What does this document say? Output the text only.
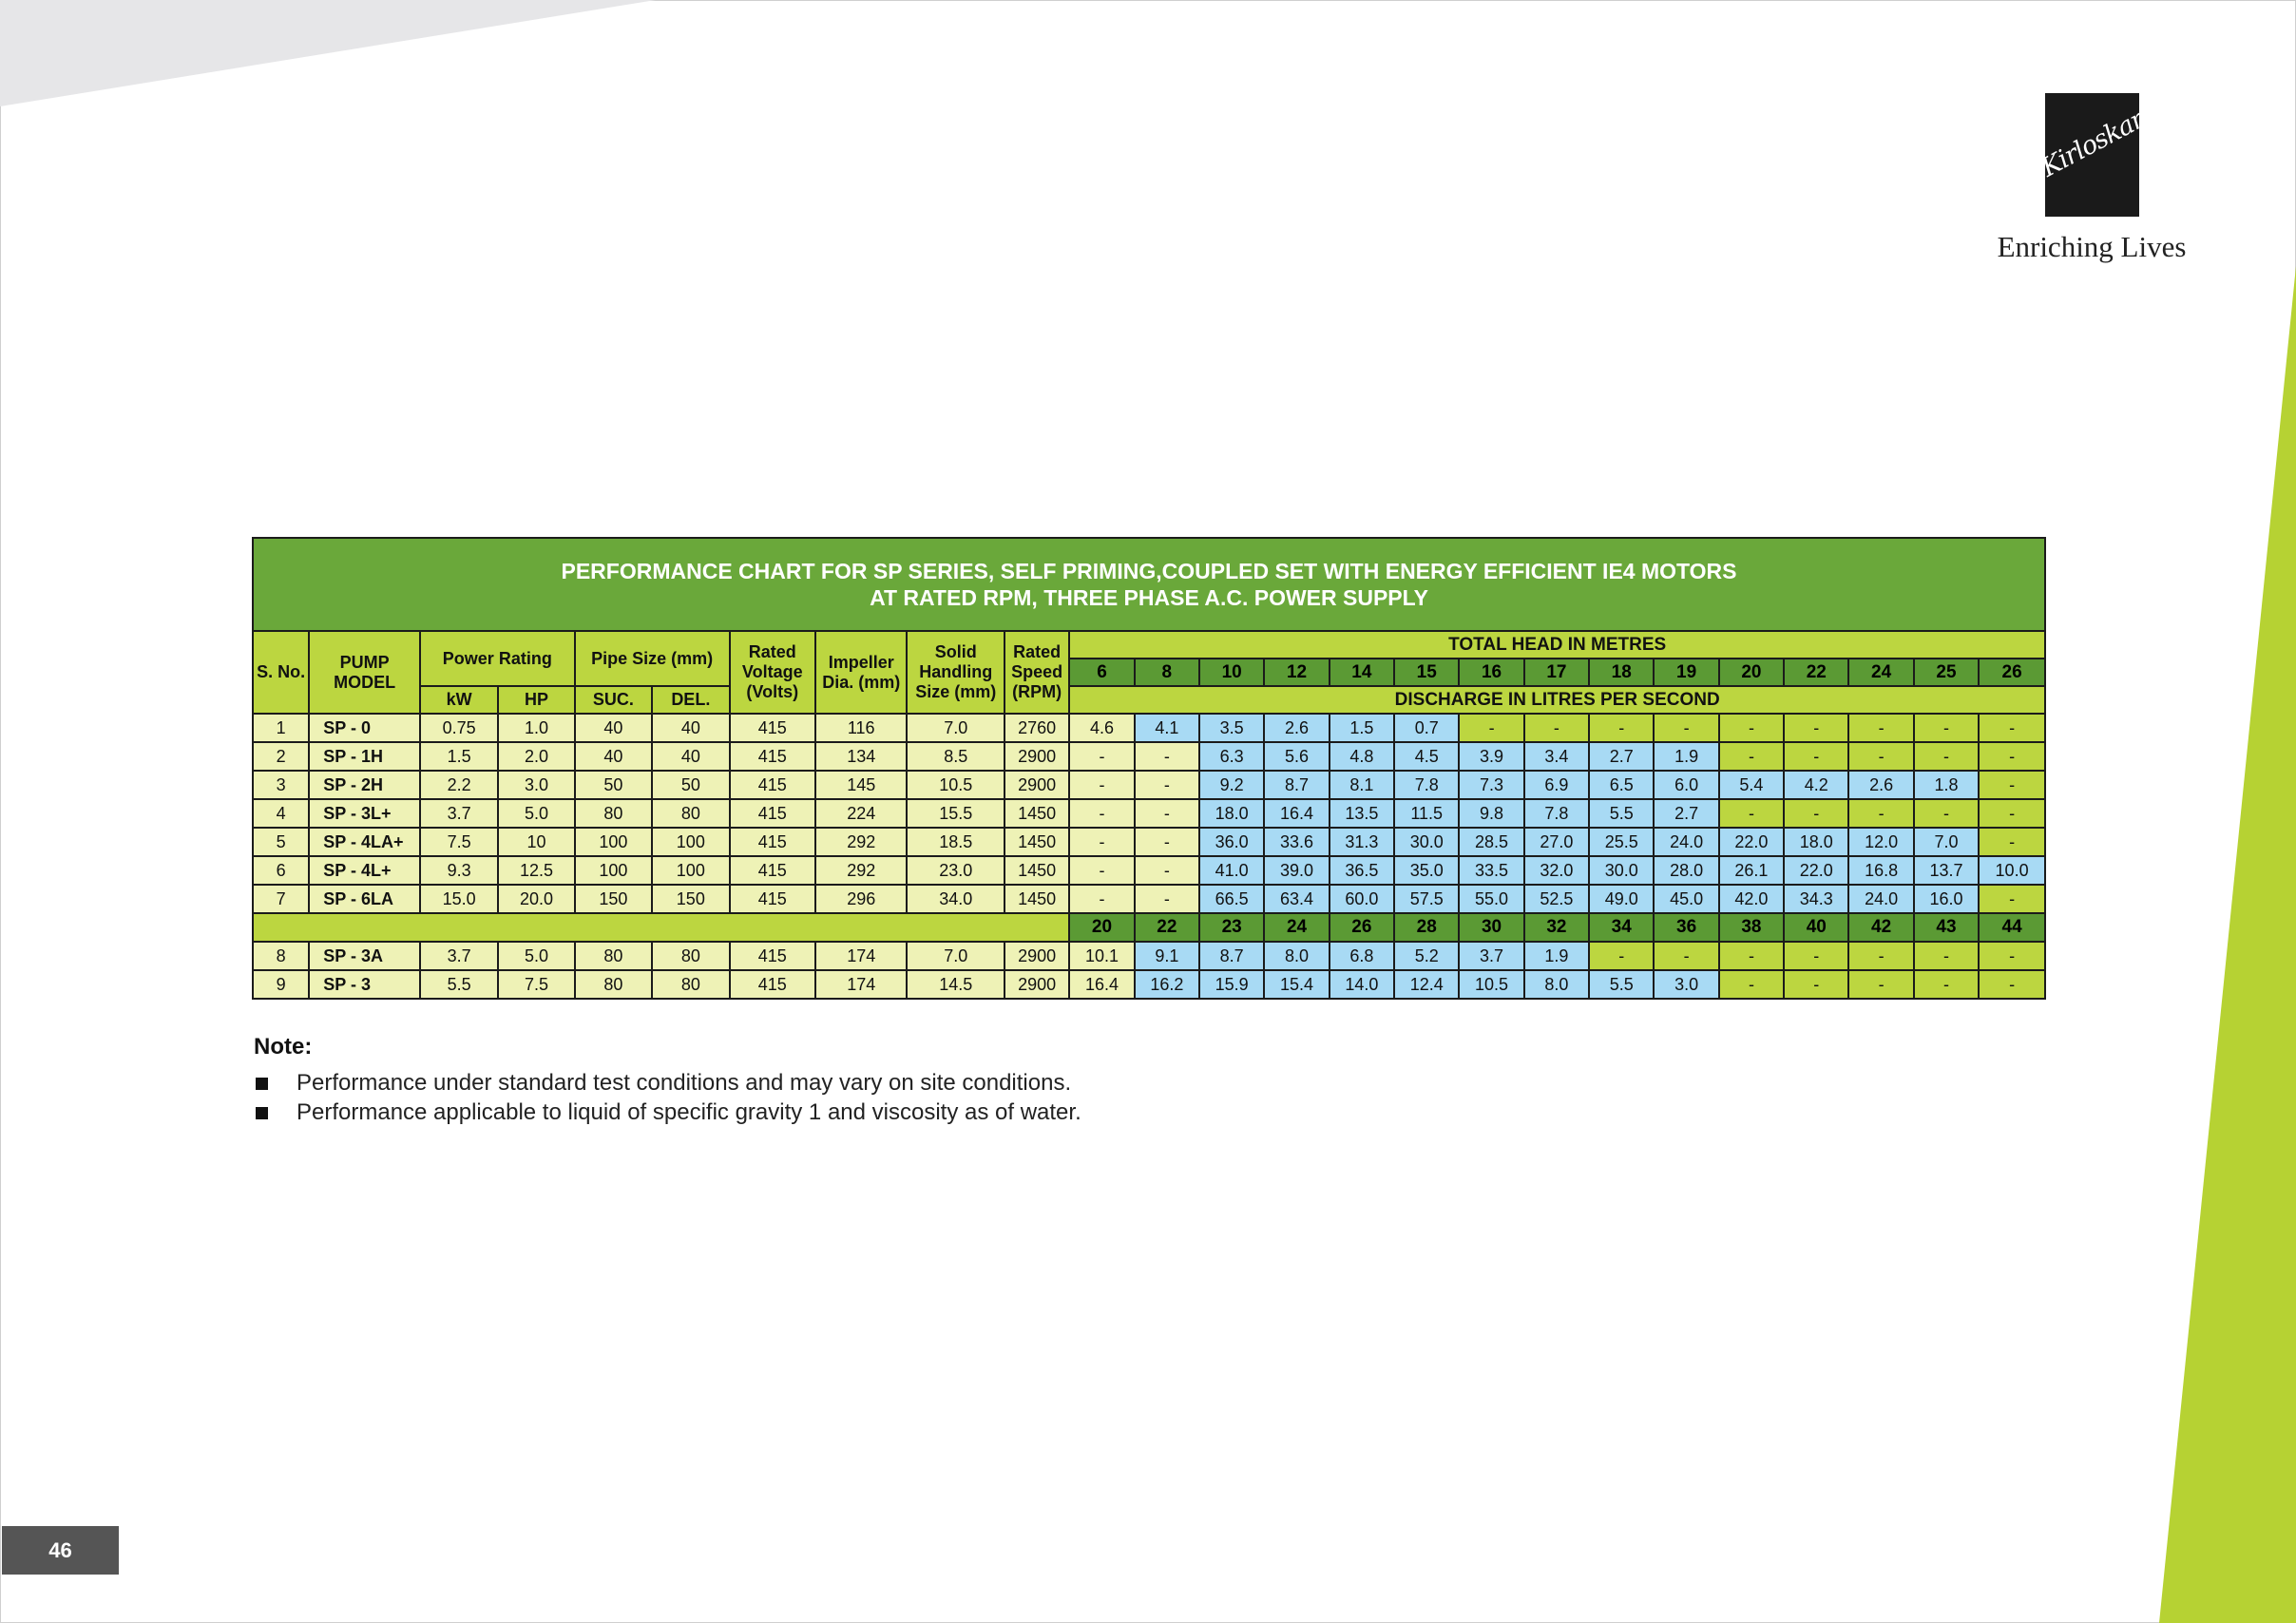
Kirloskar
Enriching Lives
PERFORMANCE CHART FOR SP SERIES, SELF PRIMING,COUPLED SET WITH ENERGY EFFICIENT IE4 MOTORS
AT RATED RPM, THREE PHASE A.C. POWER SUPPLY																								

S. No.	PUMP MODEL	Power Rating		Pipe Size (mm)		Rated Voltage (Volts)	Impeller Dia. (mm)	Solid Handling Size (mm)	Rated Speed (RPM)	TOTAL HEAD IN METRES														
										6	8	10	12	14	15	16	17	18	19	20	22	24	25	26
		kW	HP	SUC.	DEL.					DISCHARGE IN LITRES PER SECOND														
1	SP - 0	0.75	1.0	40	40	415	116	7.0	2760	4.6	4.1	3.5	2.6	1.5	0.7	-	-	-	-	-	-	-	-	-
2	SP - 1H	1.5	2.0	40	40	415	134	8.5	2900	-	-	6.3	5.6	4.8	4.5	3.9	3.4	2.7	1.9	-	-	-	-	-
3	SP - 2H	2.2	3.0	50	50	415	145	10.5	2900	-	-	9.2	8.7	8.1	7.8	7.3	6.9	6.5	6.0	5.4	4.2	2.6	1.8	-
4	SP - 3L+	3.7	5.0	80	80	415	224	15.5	1450	-	-	18.0	16.4	13.5	11.5	9.8	7.8	5.5	2.7	-	-	-	-	-
5	SP - 4LA+	7.5	10	100	100	415	292	18.5	1450	-	-	36.0	33.6	31.3	30.0	28.5	27.0	25.5	24.0	22.0	18.0	12.0	7.0	-
6	SP - 4L+	9.3	12.5	100	100	415	292	23.0	1450	-	-	41.0	39.0	36.5	35.0	33.5	32.0	30.0	28.0	26.1	22.0	16.8	13.7	10.0
7	SP - 6LA	15.0	20.0	150	150	415	296	34.0	1450	-	-	66.5	63.4	60.0	57.5	55.0	52.5	49.0	45.0	42.0	34.3	24.0	16.0	-
										20	22	23	24	26	28	30	32	34	36	38	40	42	43	44
8	SP - 3A	3.7	5.0	80	80	415	174	7.0	2900	10.1	9.1	8.7	8.0	6.8	5.2	3.7	1.9	-	-	-	-	-	-	-
9	SP - 3	5.5	7.5	80	80	415	174	14.5	2900	16.4	16.2	15.9	15.4	14.0	12.4	10.5	8.0	5.5	3.0	-	-	-	-	-
Note:
Performance under standard test conditions and may vary on site conditions.
Performance applicable to liquid of specific gravity 1 and viscosity as of water.
46
